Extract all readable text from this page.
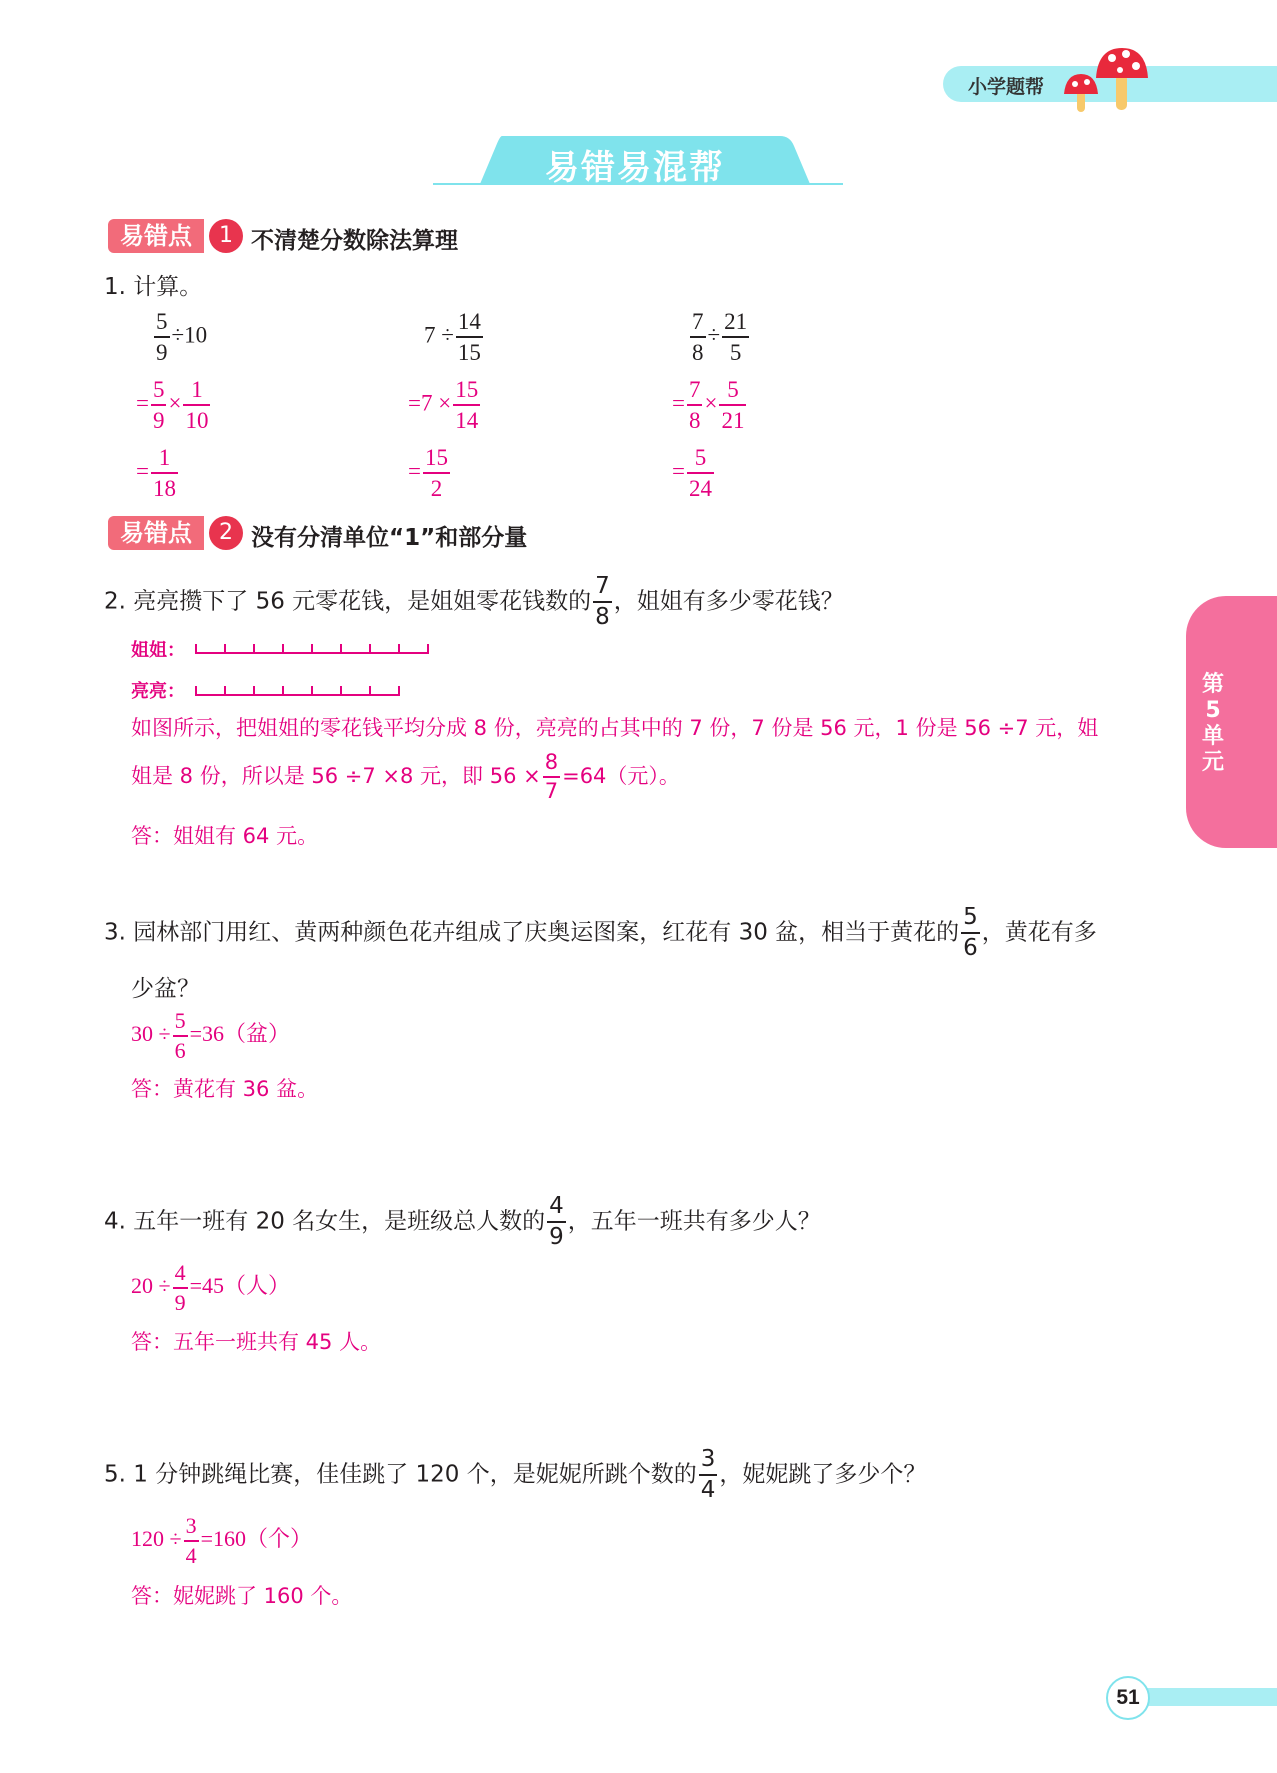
小学题帮
易错易混帮
第
5
单
元
易错点	1 不清楚分数除法算理
1. 计算。
$\frac{5}{9} \div 10$
= $\frac{5}{9} \times \frac{1}{10}$
= $\frac{1}{18}$
$7 \div \frac{14}{15}$
$=7 \times \frac{15}{14}$
= $\frac{15}{2}$
$\frac{7}{8} \div \frac{21}{5}$
= $\frac{7}{8} \times \frac{5}{21}$
= $\frac{5}{24}$
易错点	2 没有分清单位“1”和部分量
2. 亮亮攒下了 56 元零花钱，是姐姐零花钱数的 $\frac{7}{8}$ ，姐姐有多少零花钱？
姐姐：
亮亮：
如图所示，把姐姐的零花钱平均分成 8 份，亮亮的占其中的 7 份，7 份是 56 元，1 份是 56 ÷7 元，姐
姐是 8 份，所以是 56 ÷7 ×8 元，即 $56 \times \frac{8}{7} =64$（元）。
答：姐姐有 64 元。
3. 园林部门用红、黄两种颜色花卉组成了庆奥运图案，红花有 30 盆，相当于黄花的 $\frac{5}{6}$ ，黄花有多
少盆？
$30 \div \frac{5}{6} =36$（盆）
答：黄花有 36 盆。
4. 五年一班有 20 名女生，是班级总人数的 $\frac{4}{9}$ ，五年一班共有多少人？
$20 \div \frac{4}{9} =45$（人）
答：五年一班共有 45 人。
5. 1 分钟跳绳比赛，佳佳跳了 120 个，是妮妮所跳个数的 $\frac{3}{4}$ ，妮妮跳了多少个？
$120 \div \frac{3}{4} =160$（个）
答：妮妮跳了 160 个。
51
